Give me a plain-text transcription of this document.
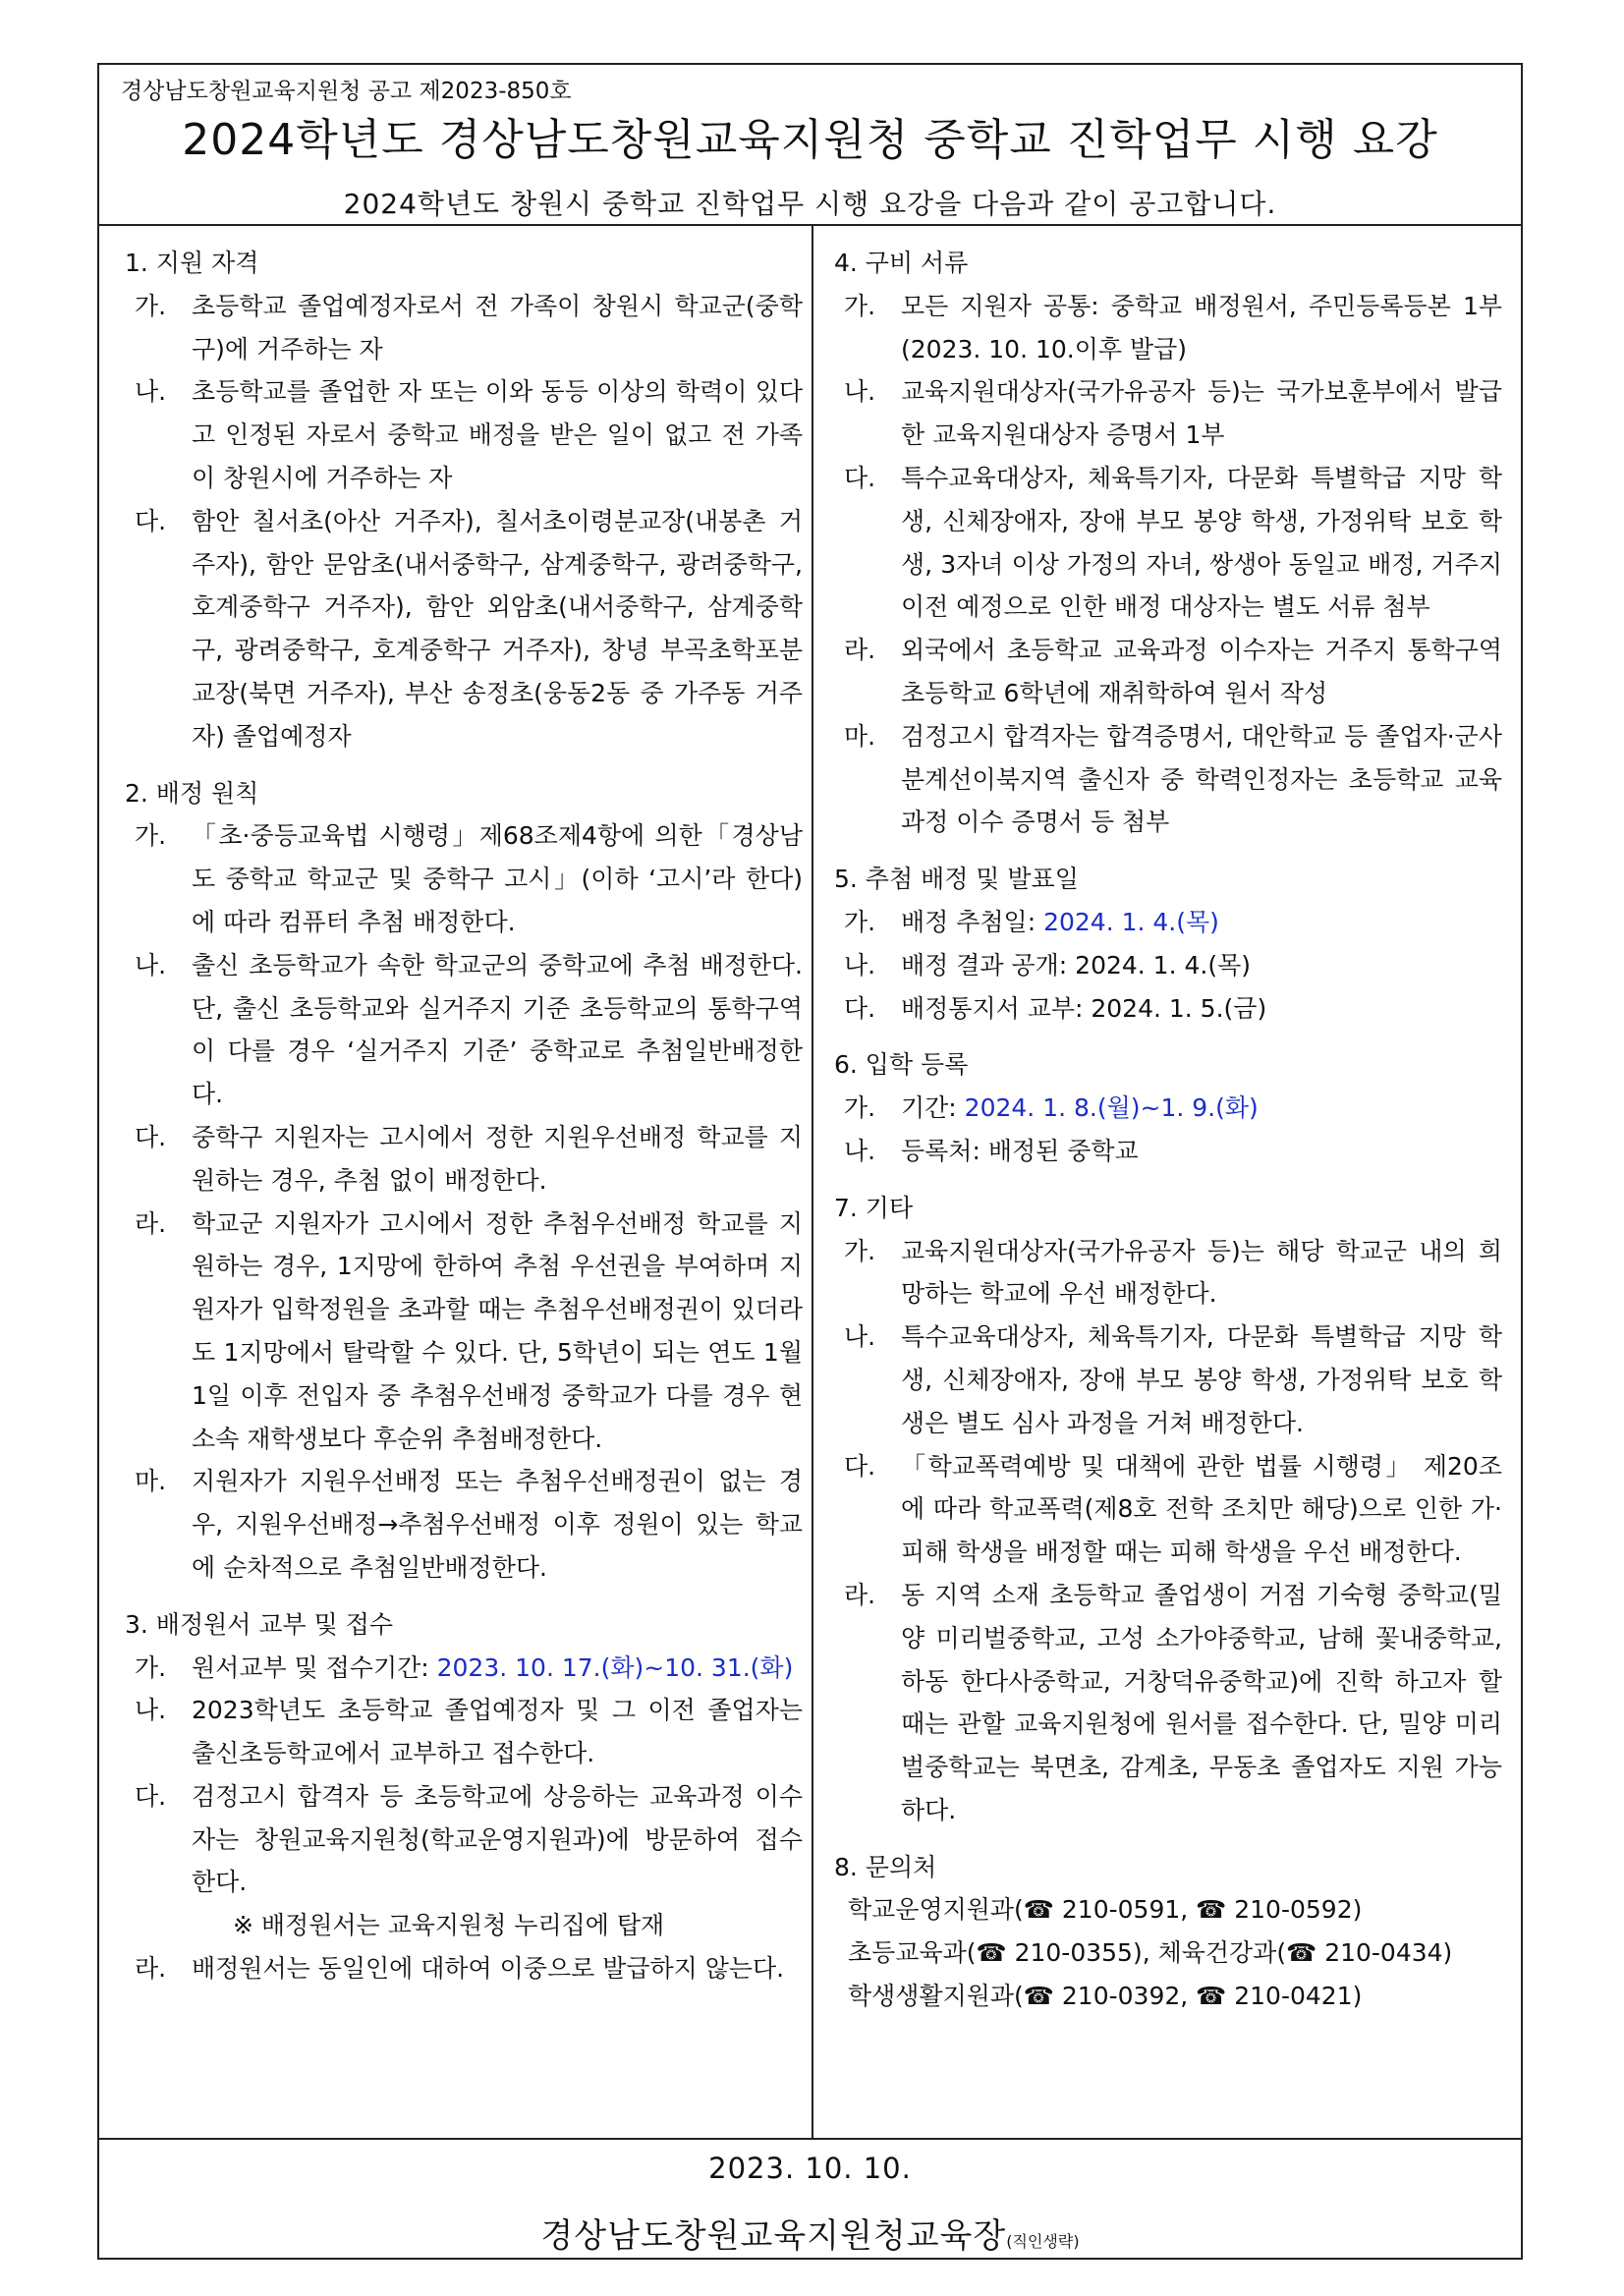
경상남도창원교육지원청 공고 제2023-850호
2024학년도 경상남도창원교육지원청 중학교 진학업무 시행 요강
2024학년도 창원시 중학교 진학업무 시행 요강을 다음과 같이 공고합니다.
1. 지원 자격
가.	초등학교 졸업예정자로서 전 가족이 창원시 학교군(중학구)에 거주하는 자
나.	초등학교를 졸업한 자 또는 이와 동등 이상의 학력이 있다고 인정된 자로서 중학교 배정을 받은 일이 없고 전 가족이 창원시에 거주하는 자
다.	함안 칠서초(아산 거주자), 칠서초이령분교장(내봉촌 거주자), 함안 문암초(내서중학구, 삼계중학구, 광려중학구, 호계중학구 거주자), 함안 외암초(내서중학구, 삼계중학구, 광려중학구, 호계중학구 거주자), 창녕 부곡초학포분교장(북면 거주자), 부산 송정초(웅동2동 중 가주동 거주자) 졸업예정자
2. 배정 원칙
가.	「초·중등교육법 시행령」제68조제4항에 의한「경상남도 중학교 학교군 및 중학구 고시」(이하 ‘고시’라 한다)에 따라 컴퓨터 추첨 배정한다.
나.	출신 초등학교가 속한 학교군의 중학교에 추첨 배정한다. 단, 출신 초등학교와 실거주지 기준 초등학교의 통학구역이 다를 경우 ‘실거주지 기준’ 중학교로 추첨일반배정한다.
다.	중학구 지원자는 고시에서 정한 지원우선배정 학교를 지원하는 경우, 추첨 없이 배정한다.
라.	학교군 지원자가 고시에서 정한 추첨우선배정 학교를 지원하는 경우, 1지망에 한하여 추첨 우선권을 부여하며 지원자가 입학정원을 초과할 때는 추첨우선배정권이 있더라도 1지망에서 탈락할 수 있다. 단, 5학년이 되는 연도 1월 1일 이후 전입자 중 추첨우선배정 중학교가 다를 경우 현 소속 재학생보다 후순위 추첨배정한다.
마.	지원자가 지원우선배정 또는 추첨우선배정권이 없는 경우, 지원우선배정→추첨우선배정 이후 정원이 있는 학교에 순차적으로 추첨일반배정한다.
3. 배정원서 교부 및 접수
가.	원서교부 및 접수기간: 2023. 10. 17.(화)~10. 31.(화)
나.	2023학년도 초등학교 졸업예정자 및 그 이전 졸업자는 출신초등학교에서 교부하고 접수한다.
다.	검정고시 합격자 등 초등학교에 상응하는 교육과정 이수자는 창원교육지원청(학교운영지원과)에 방문하여 접수한다.
※ 배정원서는 교육지원청 누리집에 탑재
라.	배정원서는 동일인에 대하여 이중으로 발급하지 않는다.
4. 구비 서류
가.	모든 지원자 공통: 중학교 배정원서, 주민등록등본 1부(2023. 10. 10.이후 발급)
나.	교육지원대상자(국가유공자 등)는 국가보훈부에서 발급한 교육지원대상자 증명서 1부
다.	특수교육대상자, 체육특기자, 다문화 특별학급 지망 학생, 신체장애자, 장애 부모 봉양 학생, 가정위탁 보호 학생, 3자녀 이상 가정의 자녀, 쌍생아 동일교 배정, 거주지 이전 예정으로 인한 배정 대상자는 별도 서류 첨부
라.	외국에서 초등학교 교육과정 이수자는 거주지 통학구역 초등학교 6학년에 재취학하여 원서 작성
마.	검정고시 합격자는 합격증명서, 대안학교 등 졸업자·군사분계선이북지역 출신자 중 학력인정자는 초등학교 교육과정 이수 증명서 등 첨부
5. 추첨 배정 및 발표일
가.	배정 추첨일: 2024. 1. 4.(목)
나.	배정 결과 공개: 2024. 1. 4.(목)
다.	배정통지서 교부: 2024. 1. 5.(금)
6. 입학 등록
가.	기간: 2024. 1. 8.(월)~1. 9.(화)
나.	등록처: 배정된 중학교
7. 기타
가.	교육지원대상자(국가유공자 등)는 해당 학교군 내의 희망하는 학교에 우선 배정한다.
나.	특수교육대상자, 체육특기자, 다문화 특별학급 지망 학생, 신체장애자, 장애 부모 봉양 학생, 가정위탁 보호 학생은 별도 심사 과정을 거쳐 배정한다.
다.	「학교폭력예방 및 대책에 관한 법률 시행령」 제20조에 따라 학교폭력(제8호 전학 조치만 해당)으로 인한 가·피해 학생을 배정할 때는 피해 학생을 우선 배정한다.
라.	동 지역 소재 초등학교 졸업생이 거점 기숙형 중학교(밀양 미리벌중학교, 고성 소가야중학교, 남해 꽃내중학교, 하동 한다사중학교, 거창덕유중학교)에 진학 하고자 할 때는 관할 교육지원청에 원서를 접수한다. 단, 밀양 미리벌중학교는 북면초, 감계초, 무동초 졸업자도 지원 가능하다.
8. 문의처
학교운영지원과(☎ 210-0591, ☎ 210-0592)
초등교육과(☎ 210-0355), 체육건강과(☎ 210-0434)
학생생활지원과(☎ 210-0392, ☎ 210-0421)
2023. 10. 10.
경상남도창원교육지원청교육장(직인생략)
